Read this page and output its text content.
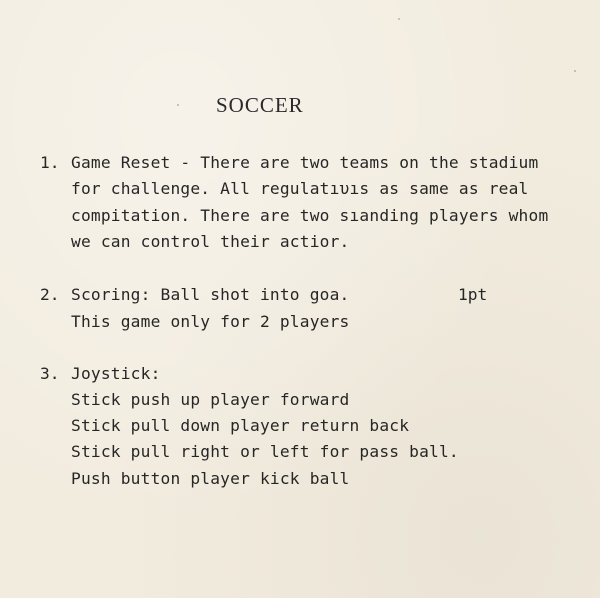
SOCCER
1. Game Reset - There are two teams on the stadium
for challenge. All regulatıυıs as same as real
compitation. There are two sıanding players whom
we can control their actior.
2. Scoring: Ball shot into goa.	1pt
This game only for 2 players
3. Joystick:
Stick push up player forward
Stick pull down player return back
Stick pull right or left for pass ball.
Push button player kick ball
